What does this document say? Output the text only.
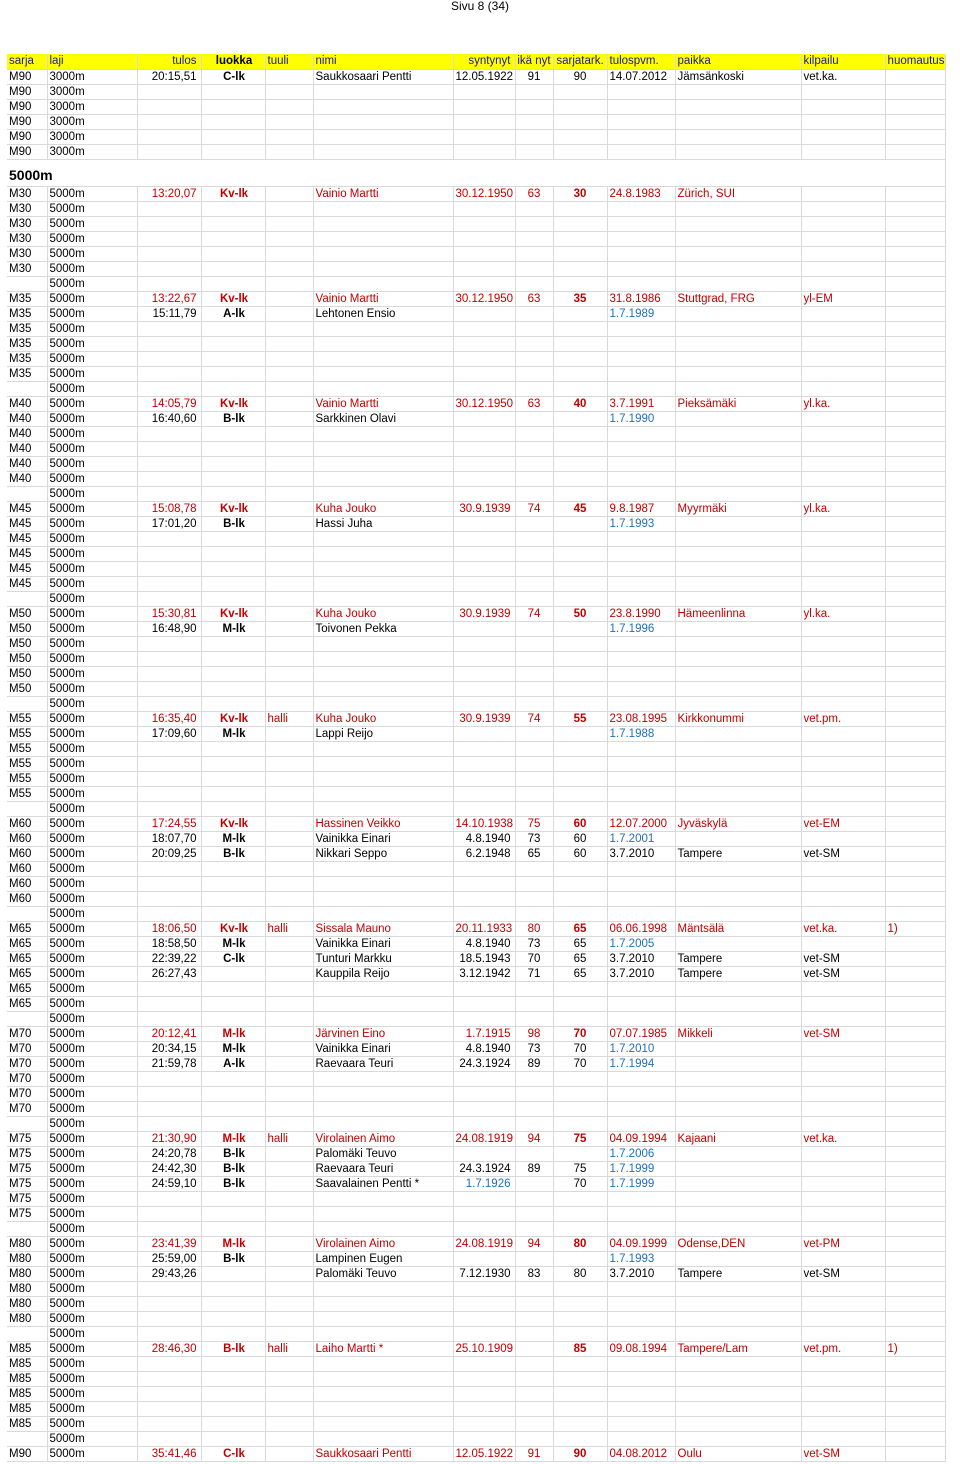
Sivu 8 (34)
sarja	laji	tulos	luokka	tuuli	nimi	syntynyt	ikä nyt	sarjatark.	tulospvm.	paikka	kilpailu	huomautus
M90	3000m	20:15,51	C-lk		Saukkosaari Pentti	12.05.1922	91	90	14.07.2012	Jämsänkoski	vet.ka.	
M90	3000m											
M90	3000m											
M90	3000m											
M90	3000m											
M90	3000m											
5000m												
M30	5000m	13:20,07	Kv-lk		Vainio Martti	30.12.1950	63	30	24.8.1983	Zürich, SUI		
M30	5000m											
M30	5000m											
M30	5000m											
M30	5000m											
M30	5000m											
	5000m											
M35	5000m	13:22,67	Kv-lk		Vainio Martti	30.12.1950	63	35	31.8.1986	Stuttgrad, FRG	yl-EM	
M35	5000m	15:11,79	A-lk		Lehtonen Ensio				1.7.1989			
M35	5000m											
M35	5000m											
M35	5000m											
M35	5000m											
	5000m											
M40	5000m	14:05,79	Kv-lk		Vainio Martti	30.12.1950	63	40	3.7.1991	Pieksämäki	yl.ka.	
M40	5000m	16:40,60	B-lk		Sarkkinen Olavi				1.7.1990			
M40	5000m											
M40	5000m											
M40	5000m											
M40	5000m											
	5000m											
M45	5000m	15:08,78	Kv-lk		Kuha Jouko	30.9.1939	74	45	9.8.1987	Myyrmäki	yl.ka.	
M45	5000m	17:01,20	B-lk		Hassi Juha				1.7.1993			
M45	5000m											
M45	5000m											
M45	5000m											
M45	5000m											
	5000m											
M50	5000m	15:30,81	Kv-lk		Kuha Jouko	30.9.1939	74	50	23.8.1990	Hämeenlinna	yl.ka.	
M50	5000m	16:48,90	M-lk		Toivonen Pekka				1.7.1996			
M50	5000m											
M50	5000m											
M50	5000m											
M50	5000m											
	5000m											
M55	5000m	16:35,40	Kv-lk	halli	Kuha Jouko	30.9.1939	74	55	23.08.1995	Kirkkonummi	vet.pm.	
M55	5000m	17:09,60	M-lk		Lappi Reijo				1.7.1988			
M55	5000m											
M55	5000m											
M55	5000m											
M55	5000m											
	5000m											
M60	5000m	17:24,55	Kv-lk		Hassinen Veikko	14.10.1938	75	60	12.07.2000	Jyväskylä	vet-EM	
M60	5000m	18:07,70	M-lk		Vainikka Einari	4.8.1940	73	60	1.7.2001			
M60	5000m	20:09,25	B-lk		Nikkari Seppo	6.2.1948	65	60	3.7.2010	Tampere	vet-SM	
M60	5000m											
M60	5000m											
M60	5000m											
	5000m											
M65	5000m	18:06,50	Kv-lk	halli	Sissala Mauno	20.11.1933	80	65	06.06.1998	Mäntsälä	vet.ka.	1)
M65	5000m	18:58,50	M-lk		Vainikka Einari	4.8.1940	73	65	1.7.2005			
M65	5000m	22:39,22	C-lk		Tunturi Markku	18.5.1943	70	65	3.7.2010	Tampere	vet-SM	
M65	5000m	26:27,43			Kauppila Reijo	3.12.1942	71	65	3.7.2010	Tampere	vet-SM	
M65	5000m											
M65	5000m											
	5000m											
M70	5000m	20:12,41	M-lk		Järvinen Eino	1.7.1915	98	70	07.07.1985	Mikkeli	vet-SM	
M70	5000m	20:34,15	M-lk		Vainikka Einari	4.8.1940	73	70	1.7.2010			
M70	5000m	21:59,78	A-lk		Raevaara Teuri	24.3.1924	89	70	1.7.1994			
M70	5000m											
M70	5000m											
M70	5000m											
	5000m											
M75	5000m	21:30,90	M-lk	halli	Virolainen Aimo	24.08.1919	94	75	04.09.1994	Kajaani	vet.ka.	
M75	5000m	24:20,78	B-lk		Palomäki Teuvo				1.7.2006			
M75	5000m	24:42,30	B-lk		Raevaara Teuri	24.3.1924	89	75	1.7.1999			
M75	5000m	24:59,10	B-lk		Saavalainen Pentti *	1.7.1926		70	1.7.1999			
M75	5000m											
M75	5000m											
	5000m											
M80	5000m	23:41,39	M-lk		Virolainen Aimo	24.08.1919	94	80	04.09.1999	Odense,DEN	vet-PM	
M80	5000m	25:59,00	B-lk		Lampinen Eugen				1.7.1993			
M80	5000m	29:43,26			Palomäki Teuvo	7.12.1930	83	80	3.7.2010	Tampere	vet-SM	
M80	5000m											
M80	5000m											
M80	5000m											
	5000m											
M85	5000m	28:46,30	B-lk	halli	Laiho Martti *	25.10.1909		85	09.08.1994	Tampere/Lam	vet.pm.	1)
M85	5000m											
M85	5000m											
M85	5000m											
M85	5000m											
M85	5000m											
	5000m											
M90	5000m	35:41,46	C-lk		Saukkosaari Pentti	12.05.1922	91	90	04.08.2012	Oulu	vet-SM	
